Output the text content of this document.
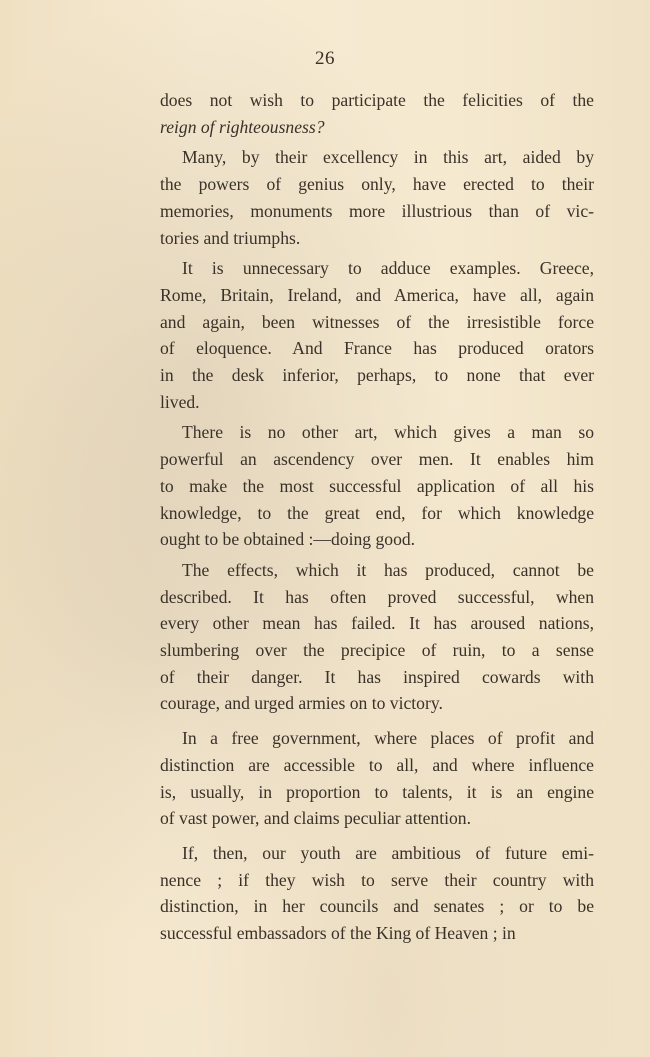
26
does not wish to participate the felicities of the
reign of righteousness?
Many, by their excellency in this art, aided by
the powers of genius only, have erected to their
memories, monuments more illustrious than of vic-
tories and triumphs.
It is unnecessary to adduce examples. Greece,
Rome, Britain, Ireland, and America, have all, again
and again, been witnesses of the irresistible force
of eloquence. And France has produced orators
in the desk inferior, perhaps, to none that ever
lived.
There is no other art, which gives a man so
powerful an ascendency over men. It enables him
to make the most successful application of all his
knowledge, to the great end, for which knowledge
ought to be obtained :—doing good.
The effects, which it has produced, cannot be
described. It has often proved successful, when
every other mean has failed. It has aroused nations,
slumbering over the precipice of ruin, to a sense
of their danger. It has inspired cowards with
courage, and urged armies on to victory.
In a free government, where places of profit and
distinction are accessible to all, and where influence
is, usually, in proportion to talents, it is an engine
of vast power, and claims peculiar attention.
If, then, our youth are ambitious of future emi-
nence ; if they wish to serve their country with
distinction, in her councils and senates ; or to be
successful embassadors of the King of Heaven ; in
